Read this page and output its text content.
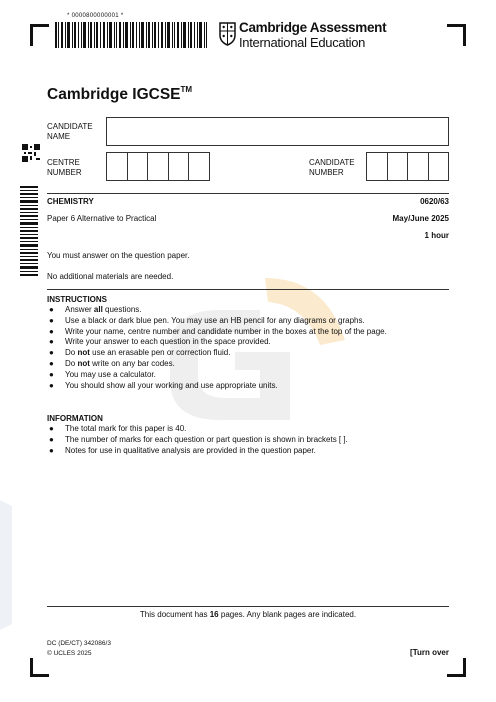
* 0000800000001 *
Cambridge Assessment
International Education
Cambridge IGCSE™
CANDIDATE
NAME
CENTRE
NUMBER
CANDIDATE
NUMBER
CHEMISTRY	0620/63
Paper 6 Alternative to Practical	May/June 2025
1 hour
You must answer on the question paper.
No additional materials are needed.
INSTRUCTIONS
● Answer all questions.
● Use a black or dark blue pen. You may use an HB pencil for any diagrams or graphs.
● Write your name, centre number and candidate number in the boxes at the top of the page.
● Write your answer to each question in the space provided.
● Do not use an erasable pen or correction fluid.
● Do not write on any bar codes.
● You may use a calculator.
● You should show all your working and use appropriate units.
INFORMATION
● The total mark for this paper is 40.
● The number of marks for each question or part question is shown in brackets [ ].
● Notes for use in qualitative analysis are provided in the question paper.
This document has 16 pages. Any blank pages are indicated.
DC (DE/CT) 342086/3
© UCLES 2025	[Turn over
